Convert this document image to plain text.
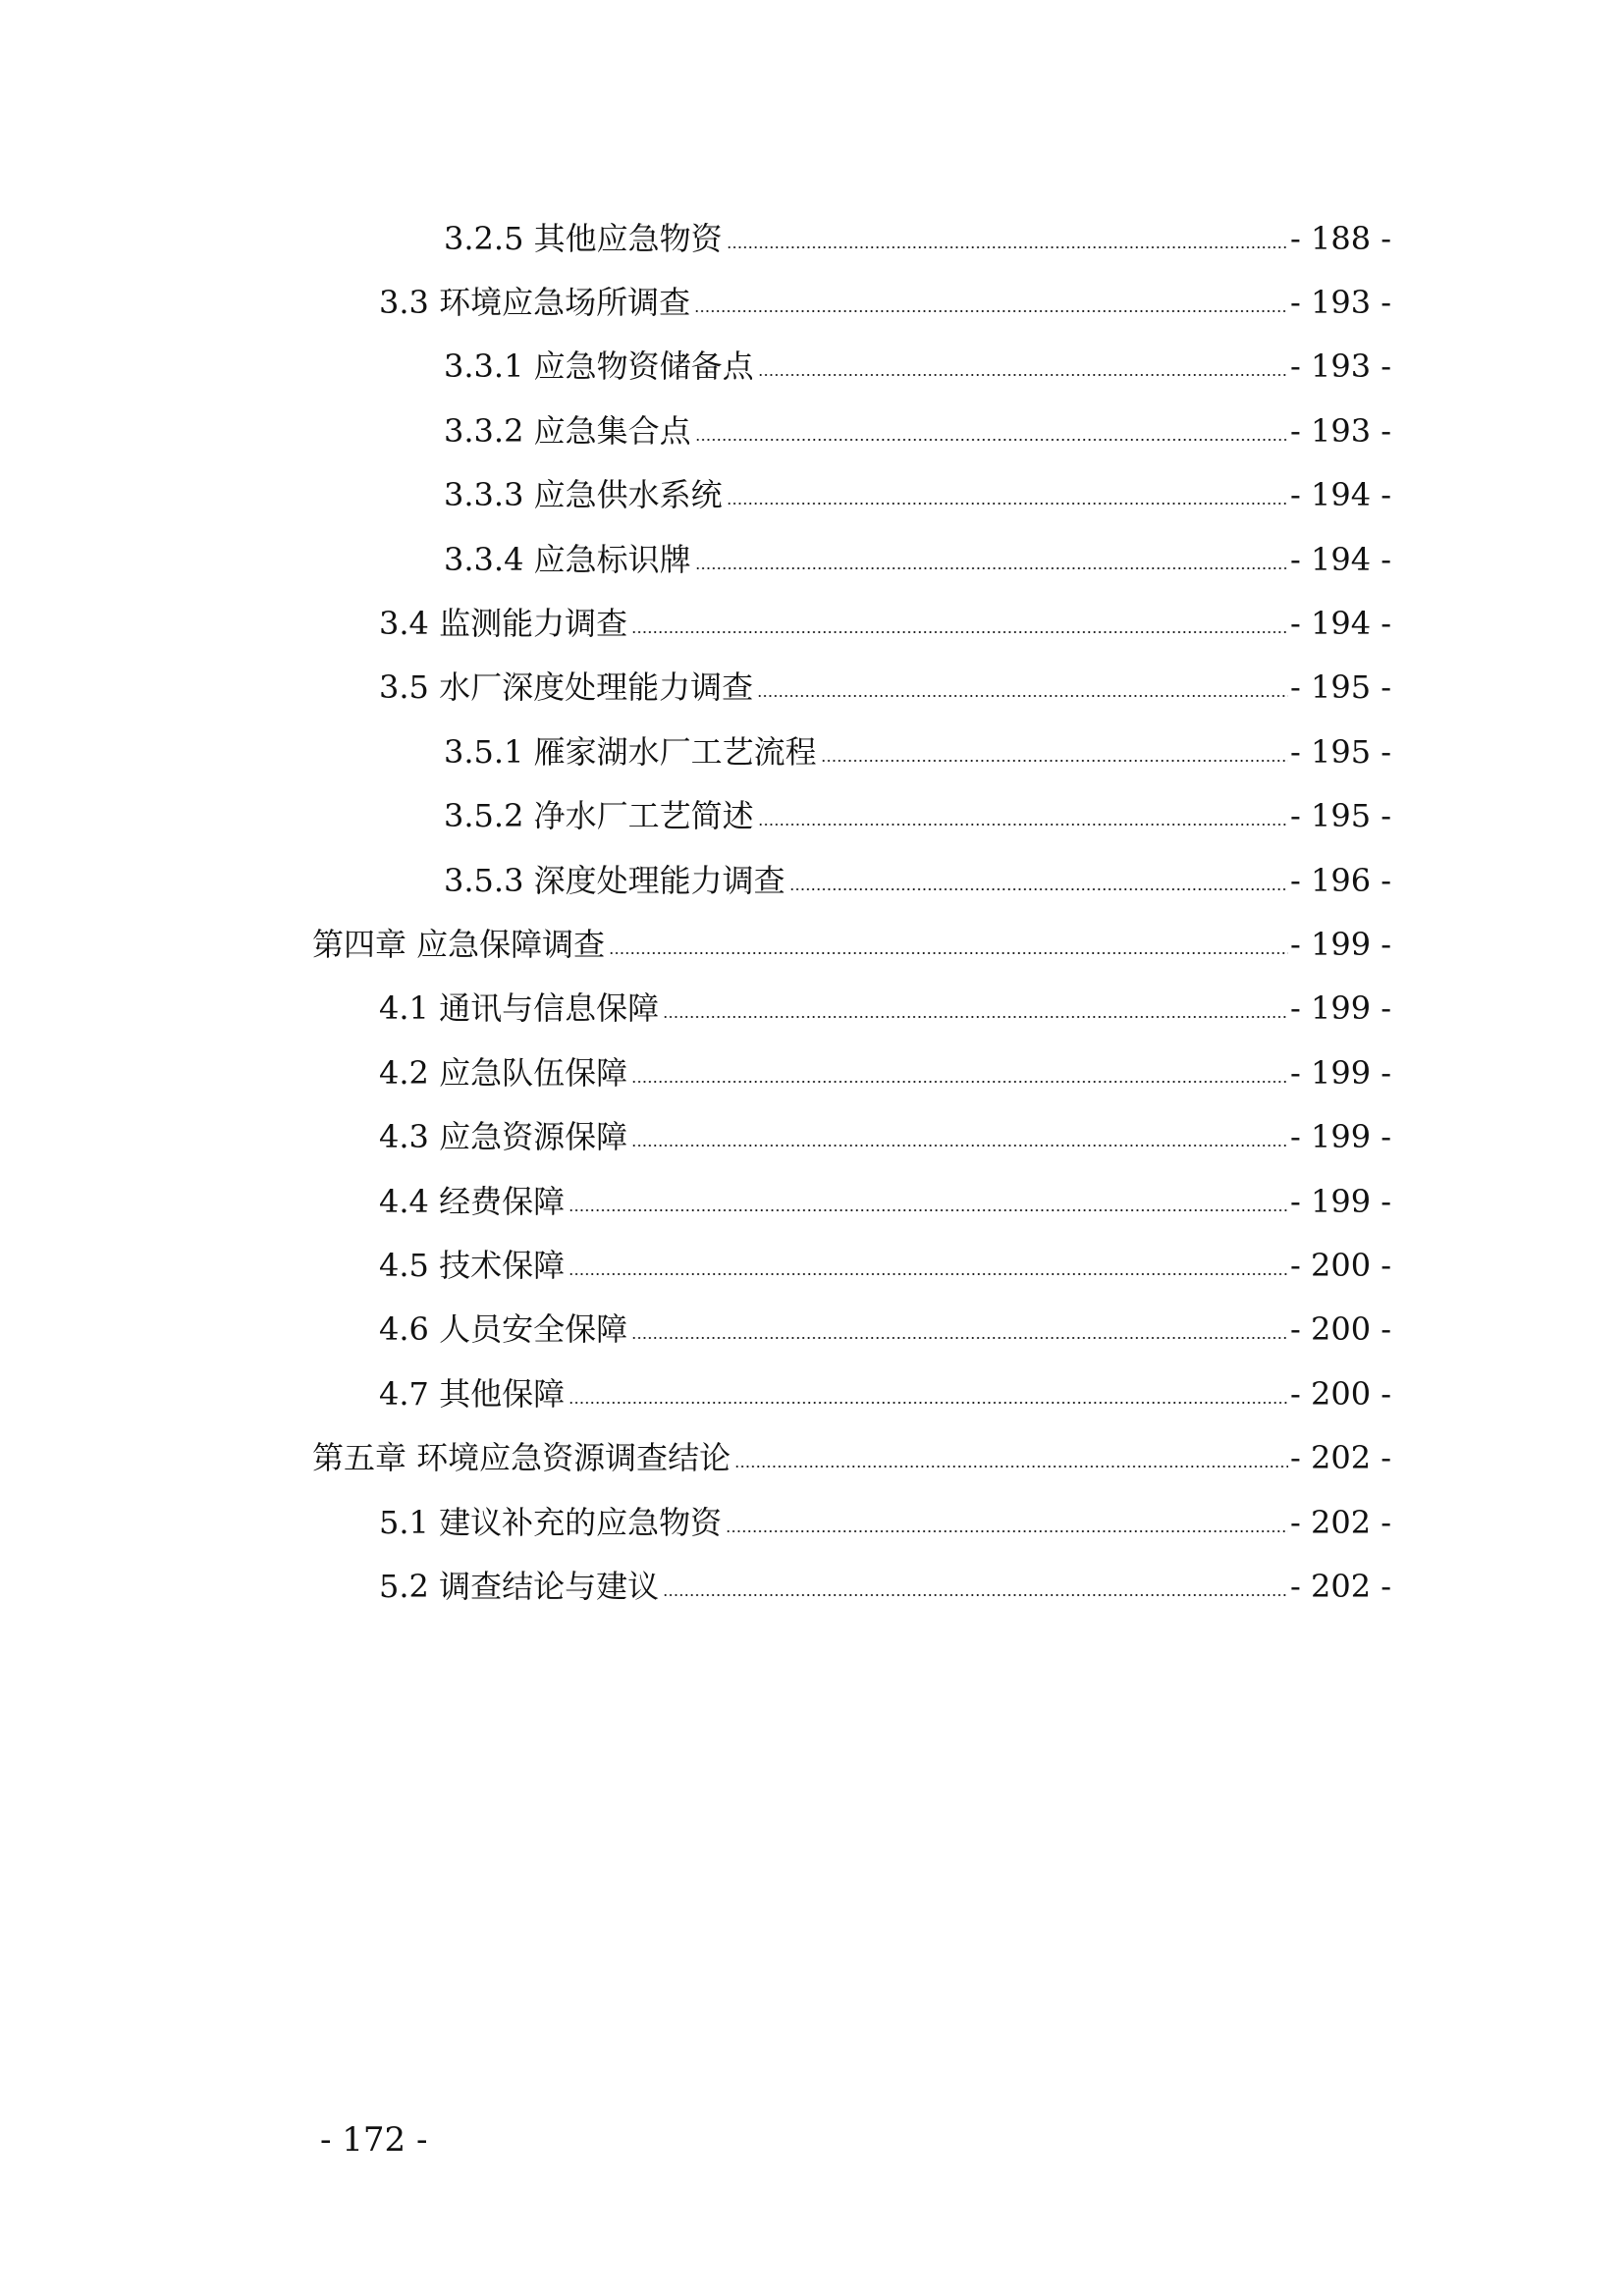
3.2.5 其他应急物资	- 188 -
3.3 环境应急场所调查	- 193 -
3.3.1 应急物资储备点	- 193 -
3.3.2 应急集合点	- 193 -
3.3.3 应急供水系统	- 194 -
3.3.4 应急标识牌	- 194 -
3.4 监测能力调查	- 194 -
3.5 水厂深度处理能力调查	- 195 -
3.5.1 雁家湖水厂工艺流程	- 195 -
3.5.2 净水厂工艺简述	- 195 -
3.5.3 深度处理能力调查	- 196 -
第四章 应急保障调查	- 199 -
4.1 通讯与信息保障	- 199 -
4.2 应急队伍保障	- 199 -
4.3 应急资源保障	- 199 -
4.4 经费保障	- 199 -
4.5 技术保障	- 200 -
4.6 人员安全保障	- 200 -
4.7 其他保障	- 200 -
第五章 环境应急资源调查结论	- 202 -
5.1 建议补充的应急物资	- 202 -
5.2 调查结论与建议	- 202 -
- 172 -
